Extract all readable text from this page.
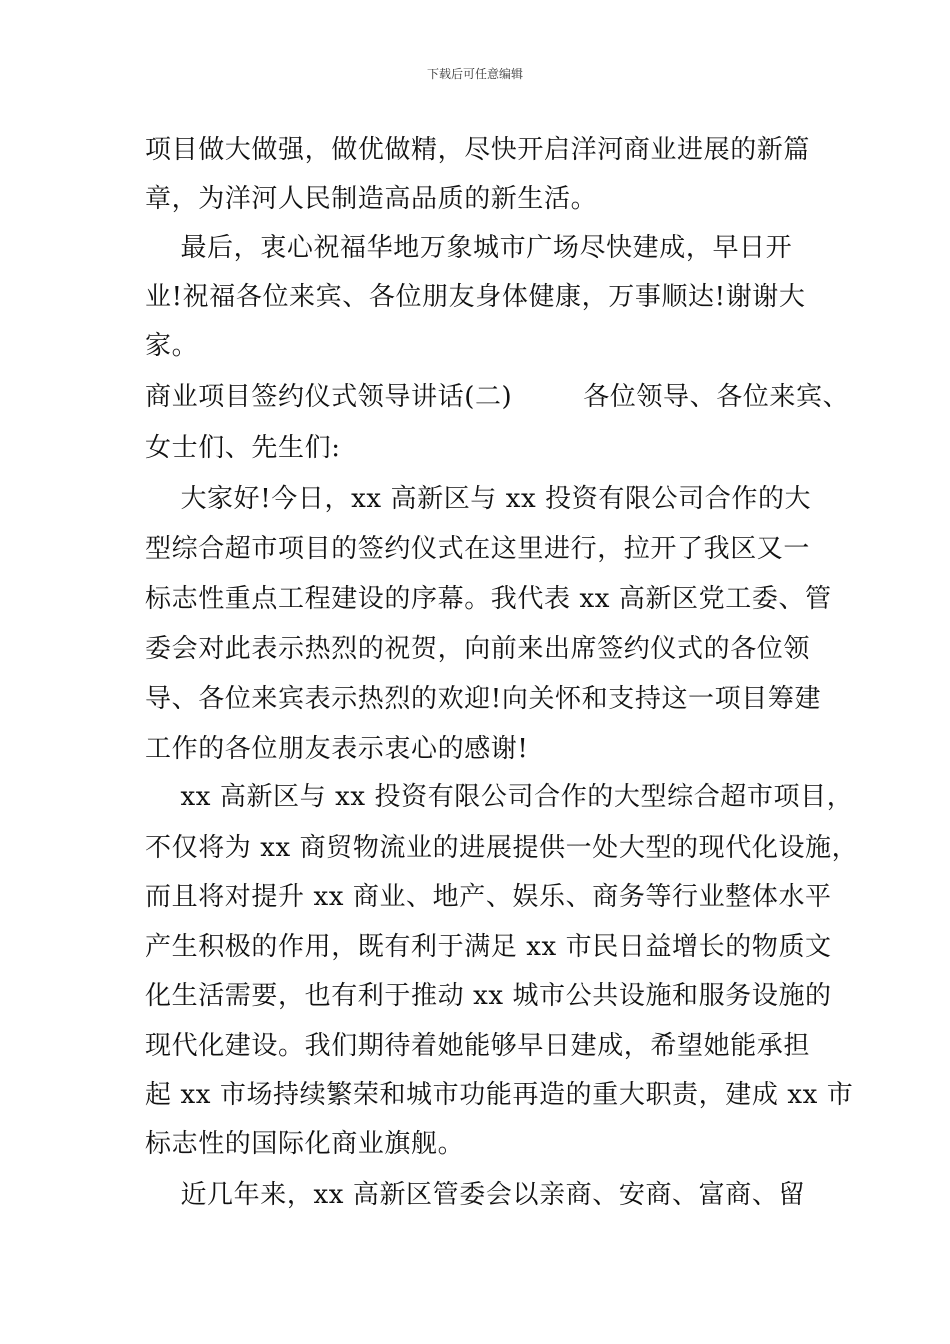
下载后可任意编辑
项目做大做强，做优做精，尽快开启洋河商业进展的新篇
章，为洋河人民制造高品质的新生活。
最后，衷心祝福华地万象城市广场尽快建成，早日开
业!祝福各位来宾、各位朋友身体健康，万事顺达!谢谢大
家。
商业项目签约仪式领导讲话(二)        各位领导、各位来宾、
女士们、先生们:
大家好!今日，xx 高新区与 xx 投资有限公司合作的大
型综合超市项目的签约仪式在这里进行，拉开了我区又一
标志性重点工程建设的序幕。我代表 xx 高新区党工委、管
委会对此表示热烈的祝贺，向前来出席签约仪式的各位领
导、各位来宾表示热烈的欢迎!向关怀和支持这一项目筹建
工作的各位朋友表示衷心的感谢!
xx 高新区与 xx 投资有限公司合作的大型综合超市项目，
不仅将为 xx 商贸物流业的进展提供一处大型的现代化设施，
而且将对提升 xx 商业、地产、娱乐、商务等行业整体水平
产生积极的作用，既有利于满足 xx 市民日益增长的物质文
化生活需要，也有利于推动 xx 城市公共设施和服务设施的
现代化建设。我们期待着她能够早日建成，希望她能承担
起 xx 市场持续繁荣和城市功能再造的重大职责，建成 xx 市
标志性的国际化商业旗舰。
近几年来，xx 高新区管委会以亲商、安商、富商、留
